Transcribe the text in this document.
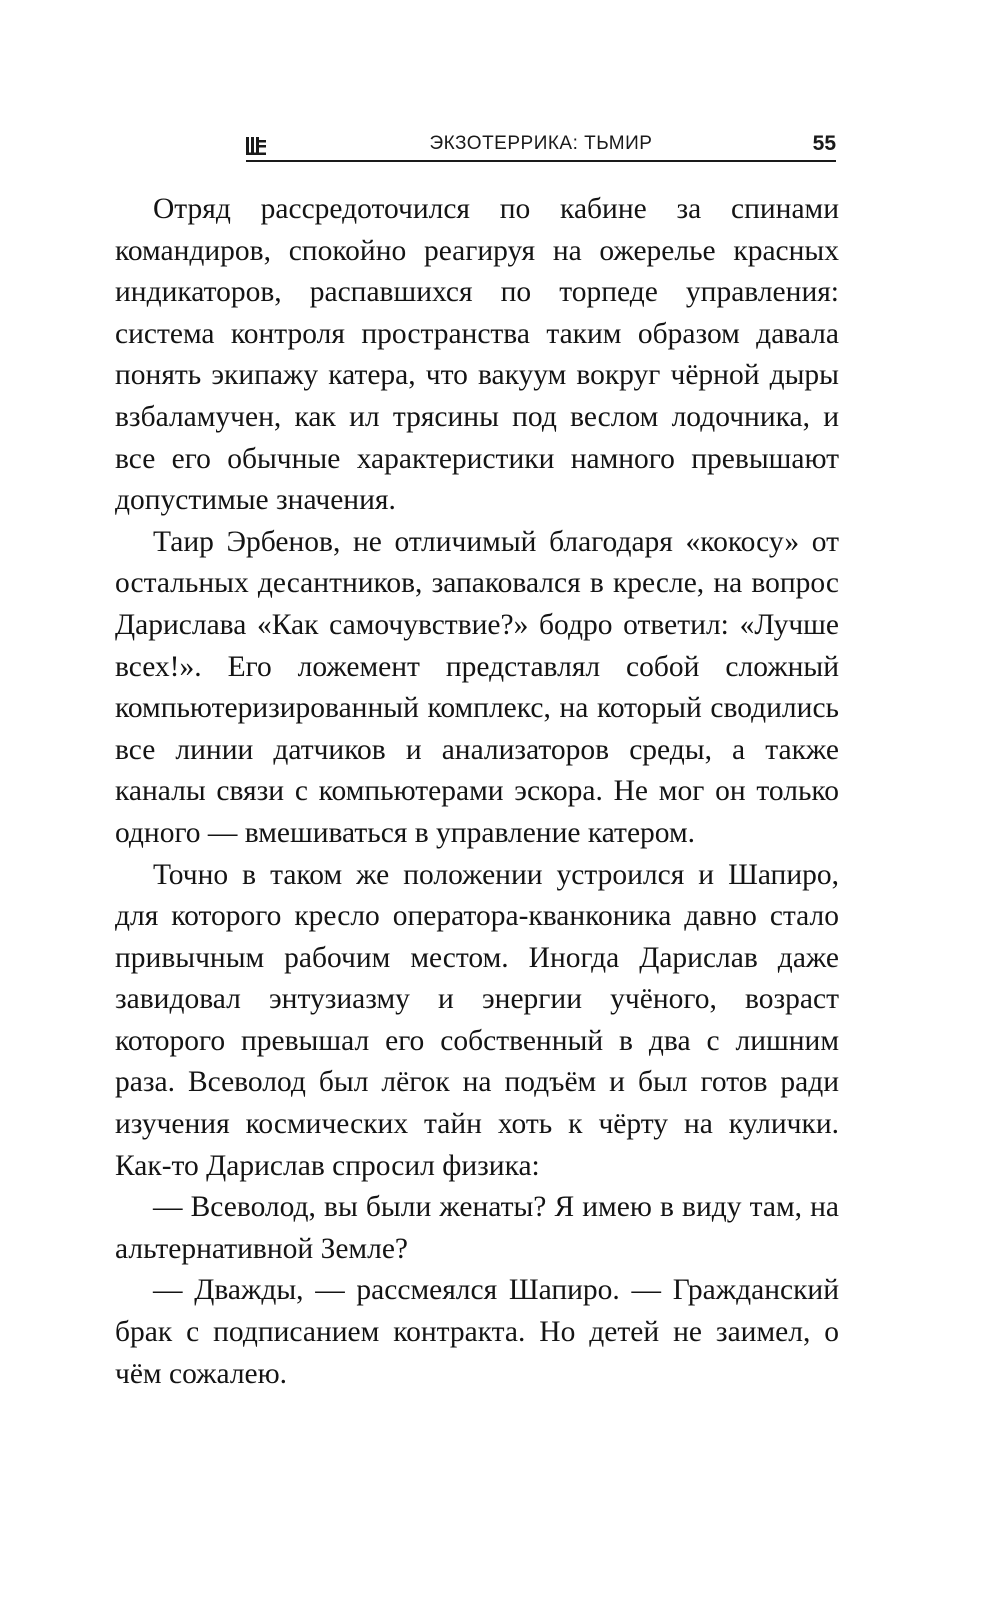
ЭКЗОТЕРРИКА: ТЬМИР	55

Отряд рассредоточился по кабине за спинами командиров, спокойно реагируя на ожерелье красных индикаторов, распавшихся по торпеде управления: система контроля пространства таким образом давала понять экипажу катера, что вакуум вокруг чёрной дыры взбаламучен, как ил трясины под веслом лодочника, и все его обычные характеристики намного превышают допустимые значения.

Таир Эрбенов, не отличимый благодаря «кокосу» от остальных десантников, запаковался в кресле, на вопрос Дарислава «Как самочувствие?» бодро ответил: «Лучше всех!». Его ложемент представлял собой сложный компьютеризированный комплекс, на который сводились все линии датчиков и анализаторов среды, а также каналы связи с компьютерами эскора. Не мог он только одного — вмешиваться в управление катером.

Точно в таком же положении устроился и Шапиро, для которого кресло оператора-кванконика давно стало привычным рабочим местом. Иногда Дарислав даже завидовал энтузиазму и энергии учёного, возраст которого превышал его собственный в два с лишним раза. Всеволод был лёгок на подъём и был готов ради изучения космических тайн хоть к чёрту на кулички. Как-то Дарислав спросил физика:

— Всеволод, вы были женаты? Я имею в виду там, на альтернативной Земле?

— Дважды, — рассмеялся Шапиро. — Гражданский брак с подписанием контракта. Но детей не заимел, о чём сожалею.
